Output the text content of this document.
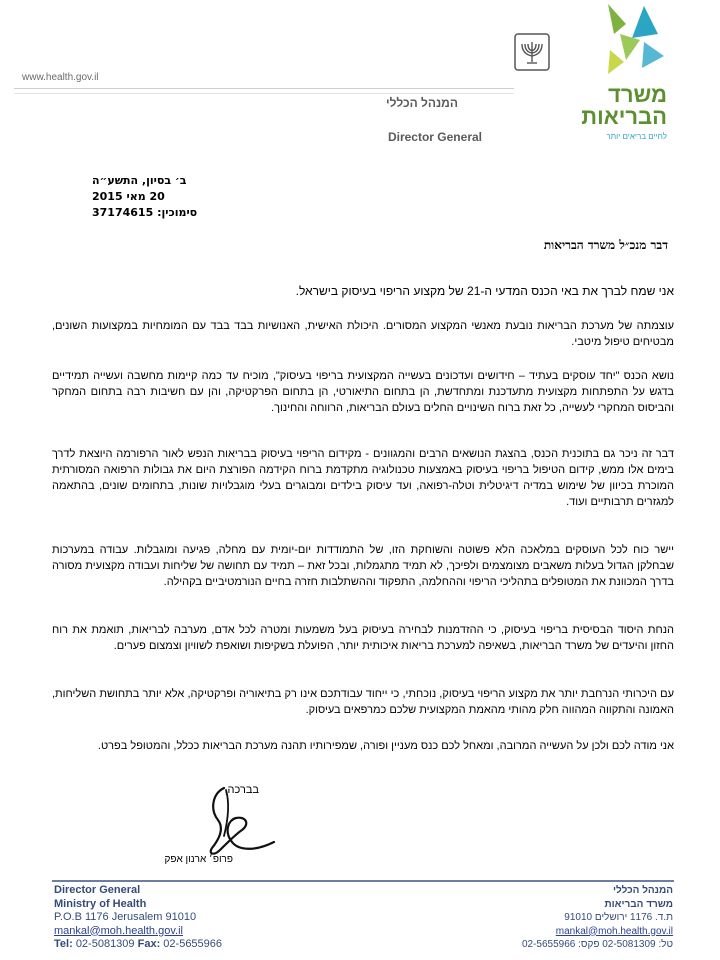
www.health.gov.il
המנהל הכללי
Director General
משרד
הבריאות
לחיים בריאים יותר
ב׳ בסיון, התשע״ה
20 מאי 2015
סימוכין: 37174615
דבר מנכ״ל משרד הבריאות
אני שמח לברך את באי הכנס המדעי ה-21 של מקצוע הריפוי בעיסוק בישראל.
עוצמתה של מערכת הבריאות נובעת מאנשי המקצוע המסורים. היכולת האישית, האנושיות בבד בבד עם המומחיות במקצועות השונים, מבטיחים טיפול מיטבי.
נושא הכנס "יחד עוסקים בעתיד – חידושים ועדכונים בעשייה המקצועית בריפוי בעיסוק", מוכיח עד כמה קיימות מחשבה ועשייה תמידיים בדגש על התפתחות מקצועית מתעדכנת ומתחדשת, הן בתחום התיאורטי, הן בתחום הפרקטיקה, והן עם חשיבות רבה בתחום המחקר והביסוס המחקרי לעשייה, כל זאת ברוח השינויים החלים בעולם הבריאות, הרווחה והחינוך.
דבר זה ניכר גם בתוכנית הכנס, בהצגת הנושאים הרבים והמגוונים - מקידום הריפוי בעיסוק בבריאות הנפש לאור הרפורמה היוצאת לדרך בימים אלו ממש, קידום הטיפול בריפוי בעיסוק באמצעות טכנולוגיה מתקדמת ברוח הקידמה הפורצת היום את גבולות הרפואה המסורתית המוכרת בכיוון של שימוש במדיה דיגיטלית וטלה-רפואה, ועד עיסוק בילדים ומבוגרים בעלי מוגבלויות שונות, בתחומים שונים, בהתאמה למגזרים תרבותיים ועוד.
יישר כוח לכל העוסקים במלאכה הלא פשוטה והשוחקת הזו, של התמודדות יום-יומית עם מחלה, פגיעה ומוגבלות. עבודה במערכות שבחלקן הגדול בעלות משאבים מצומצמים ולפיכך, לא תמיד מתגמלות, ובכל זאת – תמיד עם תחושה של שליחות ועבודה מקצועית מסורה בדרך המכוונת את המטופלים בתהליכי הריפוי וההחלמה, התפקוד וההשתלבות חזרה בחיים הנורמטיביים בקהילה.
הנחת היסוד הבסיסית בריפוי בעיסוק, כי ההזדמנות לבחירה בעיסוק בעל משמעות ומטרה לכל אדם, מערבה לבריאות, תואמת את רוח החזון והיעדים של משרד הבריאות, בשאיפה למערכת בריאות איכותית יותר, הפועלת בשקיפות ושואפת לשוויון וצמצום פערים.
עם היכרותי הנרחבת יותר את מקצוע הריפוי בעיסוק, נוכחתי, כי ייחוד עבודתכם אינו רק בתיאוריה ופרקטיקה, אלא יותר בתחושת השליחות, האמונה והתקווה המהווה חלק מהותי מהאמת המקצועית שלכם כמרפאים בעיסוק.
אני מודה לכם ולכן על העשייה המרובה, ומאחל לכם כנס מעניין ופורה, שמפירותיו תהנה מערכת הבריאות ככלל, והמטופל בפרט.
בברכה,
פרופ׳ ארנון אפק
Director General
Ministry of Health
P.O.B 1176 Jerusalem 91010
mankal@moh.health.gov.il
Tel: 02-5081309 Fax: 02-5655966
המנהל הכללי
משרד הבריאות
ת.ד. 1176 ירושלים 91010
mankal@moh.health.gov.il
טל: 02-5081309 פקס: 02-5655966
